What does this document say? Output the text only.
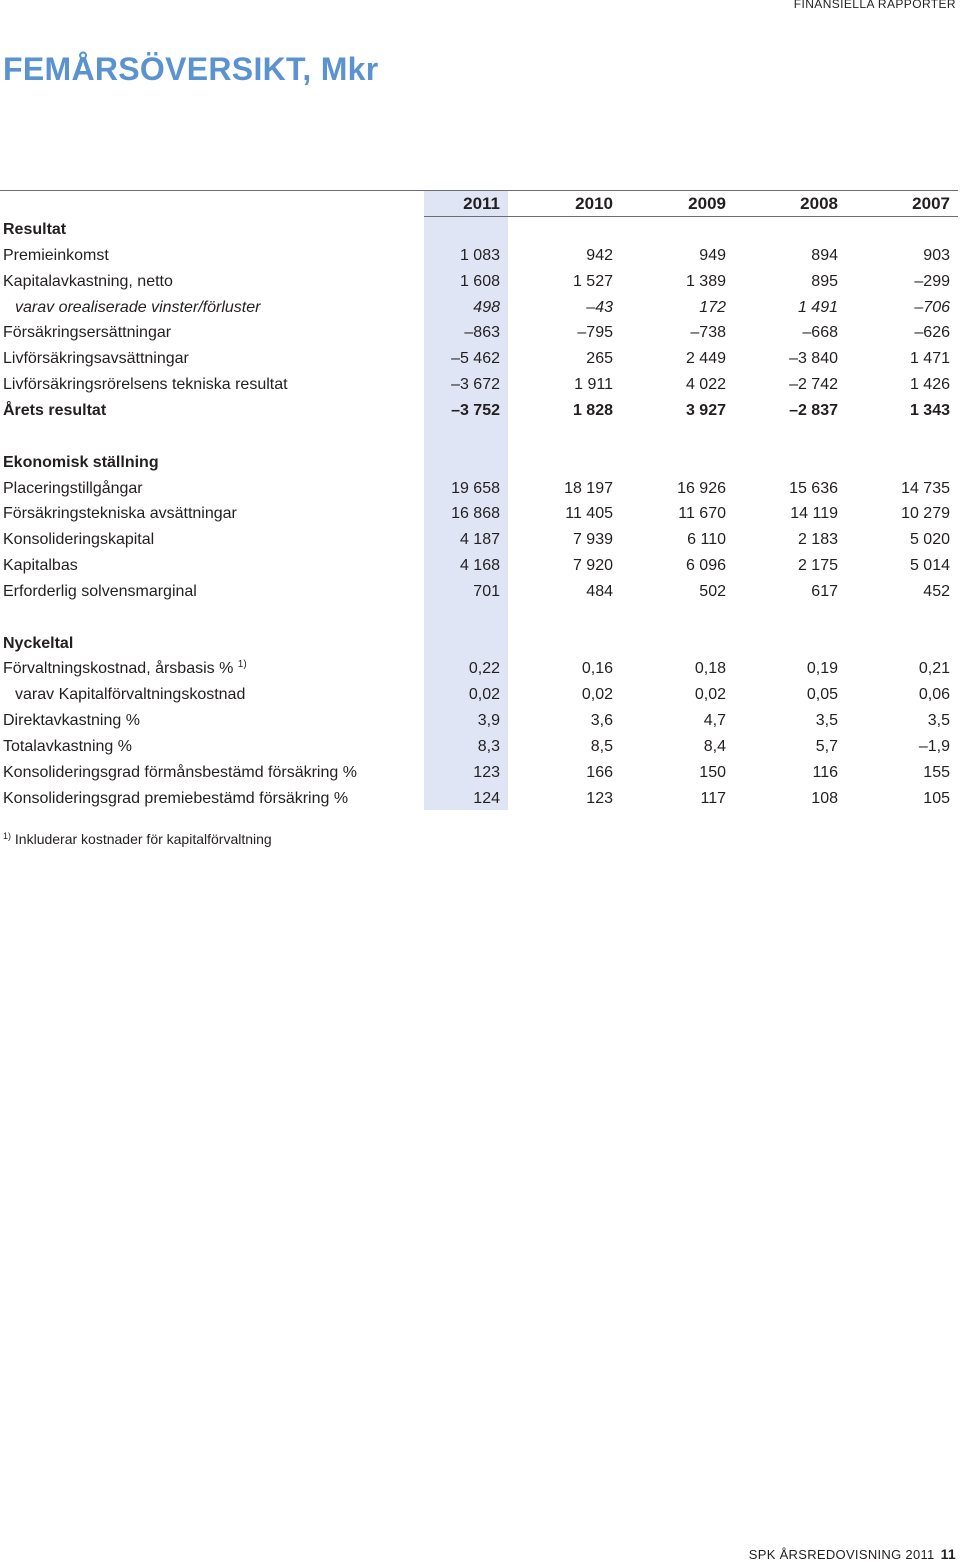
FINANSIELLA RAPPORTER
FEMÅRSÖVERSIKT, Mkr
2011	2010	2009	2008	2007
Resultat
Premieinkomst	1 083	942	949	894	903
Kapitalavkastning, netto	1 608	1 527	1 389	895	–299
varav orealiserade vinster/förluster	498	–43	172	1 491	–706
Försäkringsersättningar	–863	–795	–738	–668	–626
Livförsäkringsavsättningar	–5 462	265	2 449	–3 840	1 471
Livförsäkringsrörelsens tekniska resultat	–3 672	1 911	4 022	–2 742	1 426
Årets resultat	–3 752	1 828	3 927	–2 837	1 343
Ekonomisk ställning
Placeringstillgångar	19 658	18 197	16 926	15 636	14 735
Försäkringstekniska avsättningar	16 868	11 405	11 670	14 119	10 279
Konsolideringskapital	4 187	7 939	6 110	2 183	5 020
Kapitalbas	4 168	7 920	6 096	2 175	5 014
Erforderlig solvensmarginal	701	484	502	617	452
Nyckeltal
Förvaltningskostnad, årsbasis % $^{1)}$	0,22	0,16	0,18	0,19	0,21
varav Kapitalförvaltningskostnad	0,02	0,02	0,02	0,05	0,06
Direktavkastning %	3,9	3,6	4,7	3,5	3,5
Totalavkastning %	8,3	8,5	8,4	5,7	–1,9
Konsolideringsgrad förmånsbestämd försäkring %	123	166	150	116	155
Konsolideringsgrad premiebestämd försäkring %	124	123	117	108	105
$^{1)}$ Inkluderar kostnader för kapitalförvaltning
SPK ÅRSREDOVISNING 2011 11
